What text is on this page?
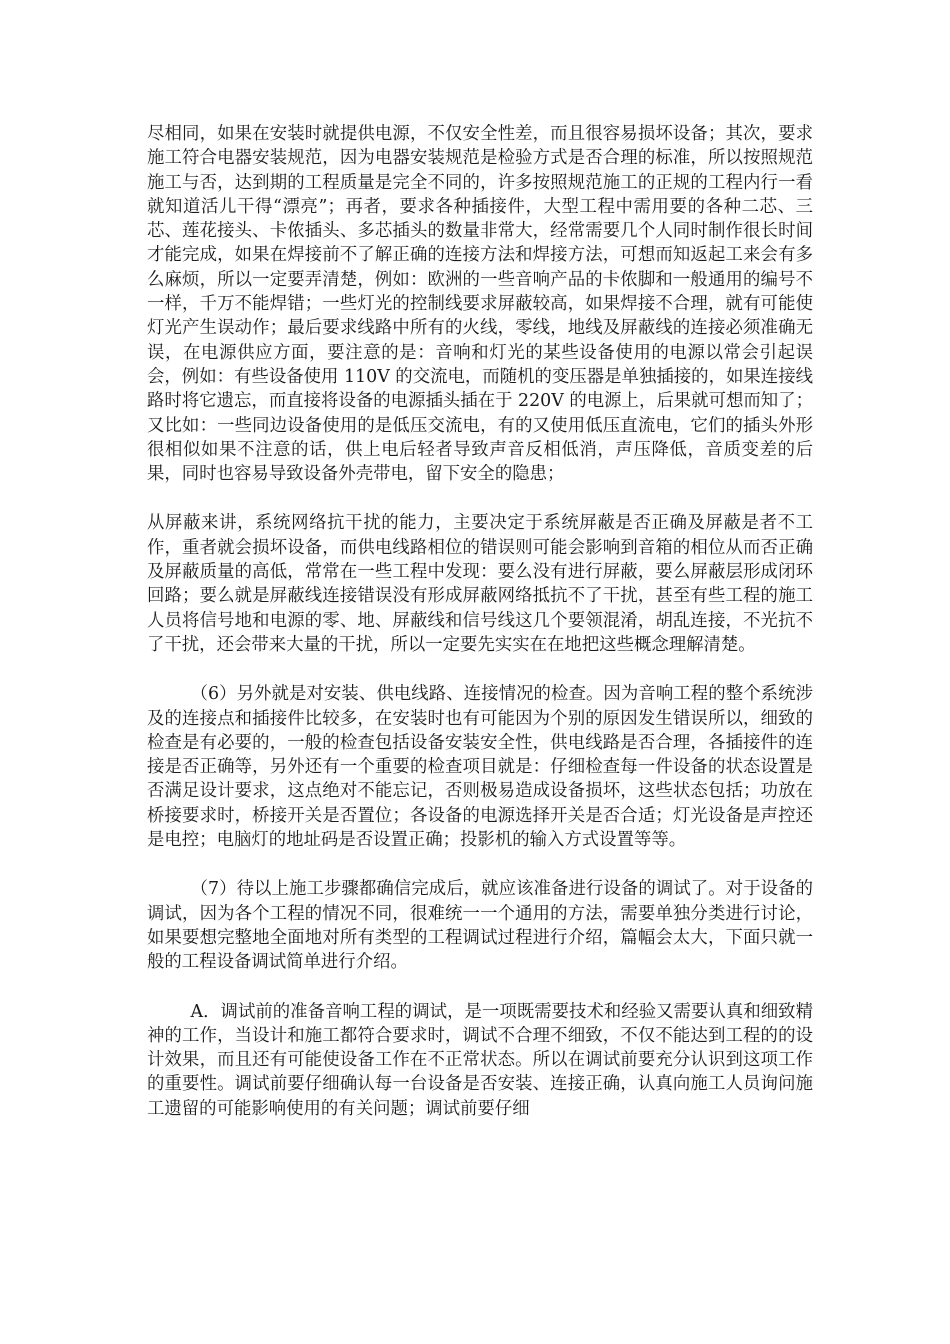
尽相同，如果在安装时就提供电源，不仅安全性差，而且很容易损坏设备；其次，要求施工符合电器安装规范，因为电器安装规范是检验方式是否合理的标准，所以按照规范施工与否，达到期的工程质量是完全不同的，许多按照规范施工的正规的工程内行一看就知道活儿干得“漂亮”；再者，要求各种插接件，大型工程中需用要的各种二芯、三芯、莲花接头、卡侬插头、多芯插头的数量非常大，经常需要几个人同时制作很长时间才能完成，如果在焊接前不了解正确的连接方法和焊接方法，可想而知返起工来会有多么麻烦，所以一定要弄清楚，例如：欧洲的一些音响产品的卡侬脚和一般通用的编号不一样，千万不能焊错；一些灯光的控制线要求屏蔽较高，如果焊接不合理，就有可能使灯光产生误动作；最后要求线路中所有的火线，零线，地线及屏蔽线的连接必须准确无误，在电源供应方面，要注意的是：音响和灯光的某些设备使用的电源以常会引起误会，例如：有些设备使用 110V 的交流电，而随机的变压器是单独插接的，如果连接线路时将它遗忘，而直接将设备的电源插头插在于 220V 的电源上，后果就可想而知了；又比如：一些同边设备使用的是低压交流电，有的又使用低压直流电，它们的插头外形很相似如果不注意的话，供上电后轻者导致声音反相低消，声压降低，音质变差的后果，同时也容易导致设备外壳带电，留下安全的隐患；

从屏蔽来讲，系统网络抗干扰的能力，主要决定于系统屏蔽是否正确及屏蔽是者不工作，重者就会损坏设备，而供电线路相位的错误则可能会影响到音箱的相位从而否正确及屏蔽质量的高低，常常在一些工程中发现：要么没有进行屏蔽，要么屏蔽层形成闭环回路；要么就是屏蔽线连接错误没有形成屏蔽网络抵抗不了干扰，甚至有些工程的施工人员将信号地和电源的零、地、屏蔽线和信号线这几个要领混淆，胡乱连接，不光抗不了干扰，还会带来大量的干扰，所以一定要先实实在在地把这些概念理解清楚。

（6）另外就是对安装、供电线路、连接情况的检查。因为音响工程的整个系统涉及的连接点和插接件比较多，在安装时也有可能因为个别的原因发生错误所以，细致的检查是有必要的，一般的检查包括设备安装安全性，供电线路是否合理，各插接件的连接是否正确等，另外还有一个重要的检查项目就是：仔细检查每一件设备的状态设置是否满足设计要求，这点绝对不能忘记，否则极易造成设备损坏，这些状态包括；功放在桥接要求时，桥接开关是否置位；各设备的电源选择开关是否合适；灯光设备是声控还是电控；电脑灯的地址码是否设置正确；投影机的输入方式设置等等。

（7）待以上施工步骤都确信完成后，就应该准备进行设备的调试了。对于设备的调试，因为各个工程的情况不同，很难统一一个通用的方法，需要单独分类进行讨论，如果要想完整地全面地对所有类型的工程调试过程进行介绍，篇幅会太大，下面只就一般的工程设备调试简单进行介绍。

A．调试前的准备音响工程的调试，是一项既需要技术和经验又需要认真和细致精神的工作，当设计和施工都符合要求时，调试不合理不细致，不仅不能达到工程的的设计效果，而且还有可能使设备工作在不正常状态。所以在调试前要充分认识到这项工作的重要性。调试前要仔细确认每一台设备是否安装、连接正确，认真向施工人员询问施工遗留的可能影响使用的有关问题；调试前要仔细
